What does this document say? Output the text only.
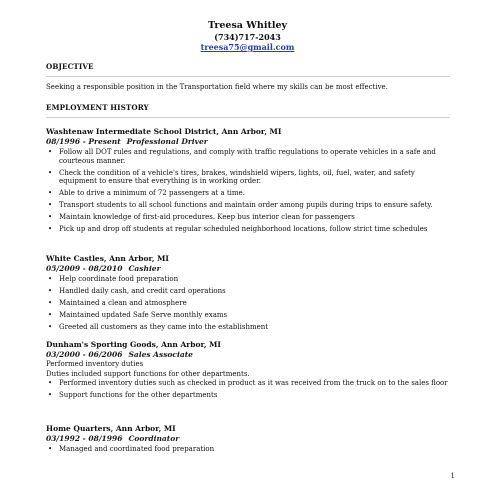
Treesa Whitley
(734)717-2043
treesa75@gmail.com
OBJECTIVE
Seeking a responsible position in the Transportation field where my skills can be most effective.
EMPLOYMENT HISTORY
Washtenaw Intermediate School District, Ann Arbor, MI
08/1996 - Present Professional Driver
• Follow all DOT rules and regulations, and comply with traffic regulations to operate vehicles in a safe and courteous manner.
• Check the condition of a vehicle's tires, brakes, windshield wipers, lights, oil, fuel, water, and safety equipment to ensure that everything is in working order.
• Able to drive a minimum of 72 passengers at a time.
• Transport students to all school functions and maintain order among pupils during trips to ensure safety.
• Maintain knowledge of first-aid procedures. Keep bus interior clean for passengers
• Pick up and drop off students at regular scheduled neighborhood locations, follow strict time schedules
White Castles, Ann Arbor, MI
05/2009 - 08/2010 Cashier
• Help coordinate food preparation
• Handled daily cash, and credit card operations
• Maintained a clean and atmosphere
• Maintained updated Safe Serve monthly exams
• Greeted all customers as they came into the establishment
Dunham's Sporting Goods, Ann Arbor, MI
03/2000 - 06/2006 Sales Associate
Performed inventory duties
Duties included support functions for other departments.
• Performed inventory duties such as checked in product as it was received from the truck on to the sales floor
• Support functions for the other departments
Home Quarters, Ann Arbor, MI
03/1992 - 08/1996 Coordinator
• Managed and coordinated food preparation
1
